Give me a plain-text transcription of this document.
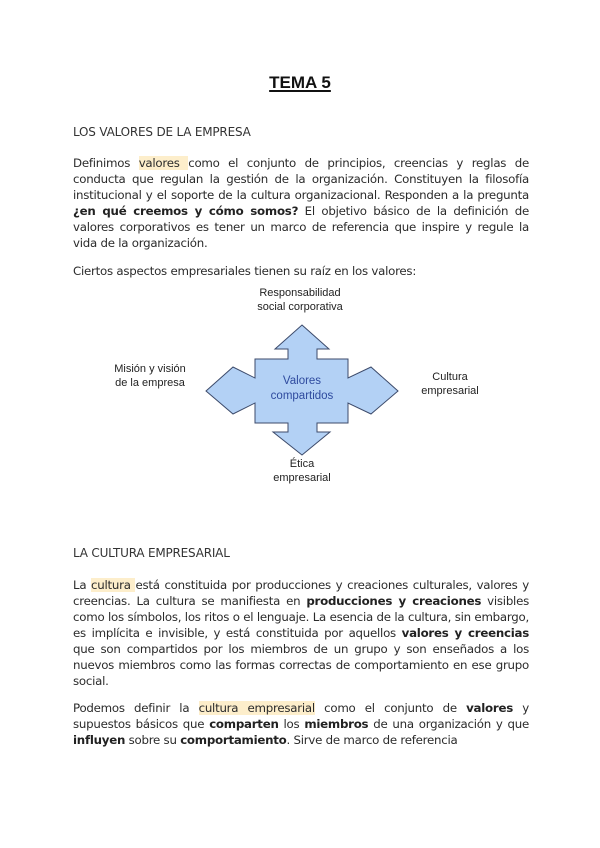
TEMA 5
LOS VALORES DE LA EMPRESA
Definimos valores como el conjunto de principios, creencias y reglas de conducta que regulan la gestión de la organización. Constituyen la filosofía institucional y el soporte de la cultura organizacional. Responden a la pregunta ¿en qué creemos y cómo somos? El objetivo básico de la definición de valores corporativos es tener un marco de referencia que inspire y regule la vida de la organización.
Ciertos aspectos empresariales tienen su raíz en los valores:
Responsabilidad
social corporativa
Misión y visión
de la empresa	Cultura
empresarial
Valores
compartidos
Ética
empresarial
LA CULTURA EMPRESARIAL
La cultura está constituida por producciones y creaciones culturales, valores y creencias. La cultura se manifiesta en producciones y creaciones visibles como los símbolos, los ritos o el lenguaje. La esencia de la cultura, sin embargo, es implícita e invisible, y está constituida por aquellos valores y creencias que son compartidos por los miembros de un grupo y son enseñados a los nuevos miembros como las formas correctas de comportamiento en ese grupo social.
Podemos definir la cultura empresarial como el conjunto de valores y supuestos básicos que comparten los miembros de una organización y que influyen sobre su comportamiento. Sirve de marco de referencia
